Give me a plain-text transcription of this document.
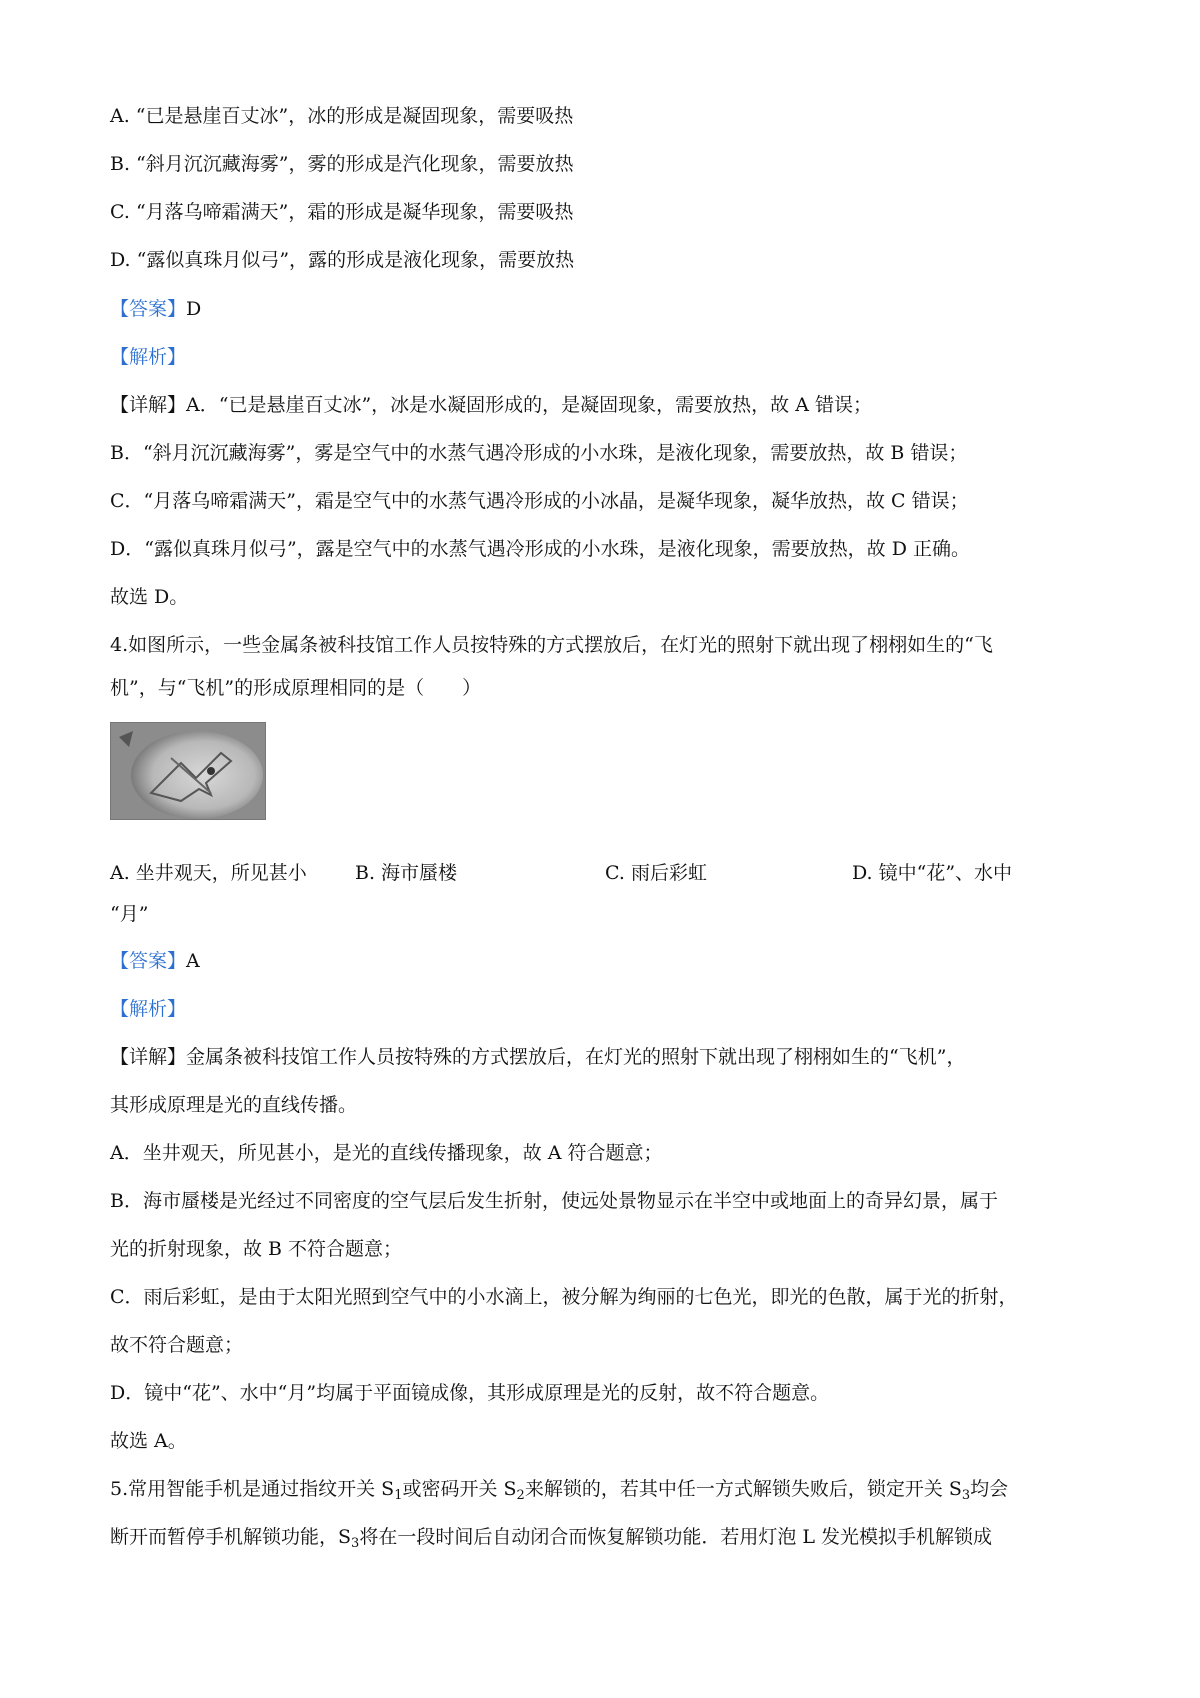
A. “已是悬崖百丈冰”，冰的形成是凝固现象，需要吸热
B. “斜月沉沉藏海雾”，雾的形成是汽化现象，需要放热
C. “月落乌啼霜满天”，霜的形成是凝华现象，需要吸热
D. “露似真珠月似弓”，露的形成是液化现象，需要放热
【答案】D
【解析】
【详解】A．“已是悬崖百丈冰”，冰是水凝固形成的，是凝固现象，需要放热，故 A 错误；
B．“斜月沉沉藏海雾”，雾是空气中的水蒸气遇冷形成的小水珠，是液化现象，需要放热，故 B 错误；
C．“月落乌啼霜满天”，霜是空气中的水蒸气遇冷形成的小冰晶，是凝华现象，凝华放热，故 C 错误；
D．“露似真珠月似弓”，露是空气中的水蒸气遇冷形成的小水珠，是液化现象，需要放热，故 D 正确。
故选 D。
4.如图所示，一些金属条被科技馆工作人员按特殊的方式摆放后，在灯光的照射下就出现了栩栩如生的“飞
机”，与“飞机”的形成原理相同的是（　　）
A. 坐井观天，所见甚小	B. 海市蜃楼	C. 雨后彩虹	D. 镜中“花”、水中
“月”
【答案】A
【解析】
【详解】金属条被科技馆工作人员按特殊的方式摆放后，在灯光的照射下就出现了栩栩如生的“飞机”，
其形成原理是光的直线传播。
A．坐井观天，所见甚小，是光的直线传播现象，故 A 符合题意；
B．海市蜃楼是光经过不同密度的空气层后发生折射，使远处景物显示在半空中或地面上的奇异幻景，属于
光的折射现象，故 B 不符合题意；
C．雨后彩虹，是由于太阳光照到空气中的小水滴上，被分解为绚丽的七色光，即光的色散，属于光的折射，
故不符合题意；
D．镜中“花”、水中“月”均属于平面镜成像，其形成原理是光的反射，故不符合题意。
故选 A。
5.常用智能手机是通过指纹开关 $S_1$或密码开关 $S_2$来解锁的，若其中任一方式解锁失败后，锁定开关 $S_3$均会
断开而暂停手机解锁功能，$S_3$将在一段时间后自动闭合而恢复解锁功能．若用灯泡 L 发光模拟手机解锁成
